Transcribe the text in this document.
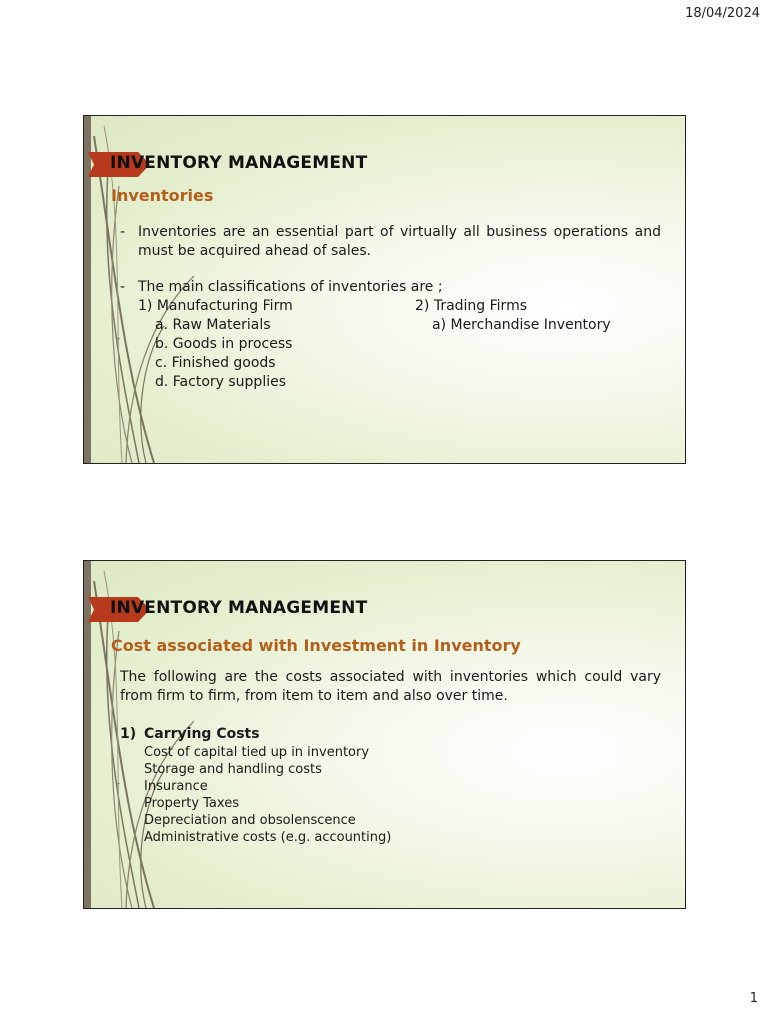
18/04/2024
INVENTORY MANAGEMENT
Inventories
-
- Inventories are an essential part of virtually all business operations and must be acquired ahead of sales.
- The main classifications of inventories are ;
1) Manufacturing Firm
a. Raw Materials
b. Goods in process
c. Finished goods
d. Factory supplies
2) Trading Firms
a) Merchandise Inventory
INVENTORY MANAGEMENT
Cost associated with Investment in Inventory
-
The following are the costs associated with inventories which could vary from firm to firm, from item to item and also over time.
1) Carrying Costs
Cost of capital tied up in inventory
Storage and handling costs
Insurance
Property Taxes
Depreciation and obsolenscence
Administrative costs (e.g. accounting)
1
